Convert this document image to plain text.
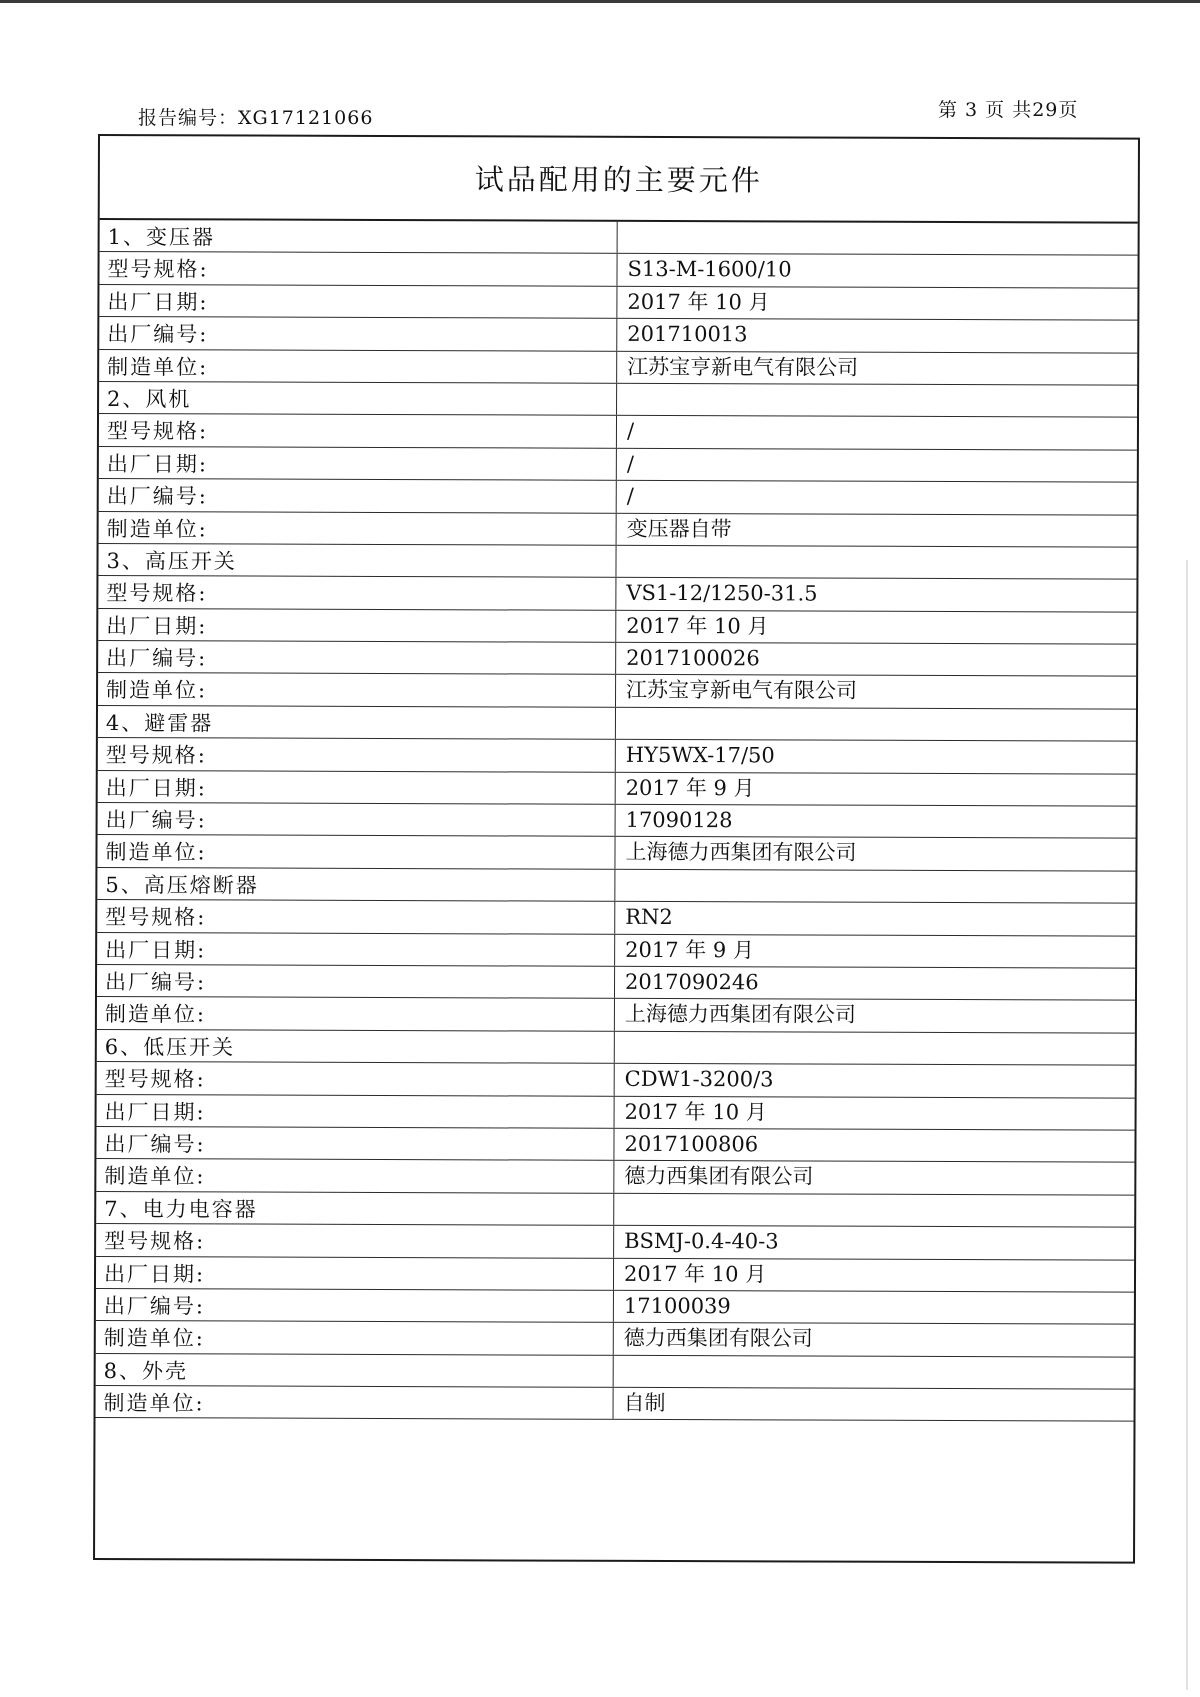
报告编号：XG17121066	第 3 页 共29页
试品配用的主要元件
1、变压器
型号规格:	S13-M-1600/10
出厂日期:	2017 年 10 月
出厂编号:	201710013
制造单位:	江苏宝亨新电气有限公司
2、风机
型号规格:	/
出厂日期:	/
出厂编号:	/
制造单位:	变压器自带
3、高压开关
型号规格:	VS1-12/1250-31.5
出厂日期:	2017 年 10 月
出厂编号:	2017100026
制造单位:	江苏宝亨新电气有限公司
4、避雷器
型号规格:	HY5WX-17/50
出厂日期:	2017 年 9 月
出厂编号:	17090128
制造单位:	上海德力西集团有限公司
5、高压熔断器
型号规格:	RN2
出厂日期:	2017 年 9 月
出厂编号:	2017090246
制造单位:	上海德力西集团有限公司
6、低压开关
型号规格:	CDW1-3200/3
出厂日期:	2017 年 10 月
出厂编号:	2017100806
制造单位:	德力西集团有限公司
7、电力电容器
型号规格:	BSMJ-0.4-40-3
出厂日期:	2017 年 10 月
出厂编号:	17100039
制造单位:	德力西集团有限公司
8、外壳
制造单位:	自制
